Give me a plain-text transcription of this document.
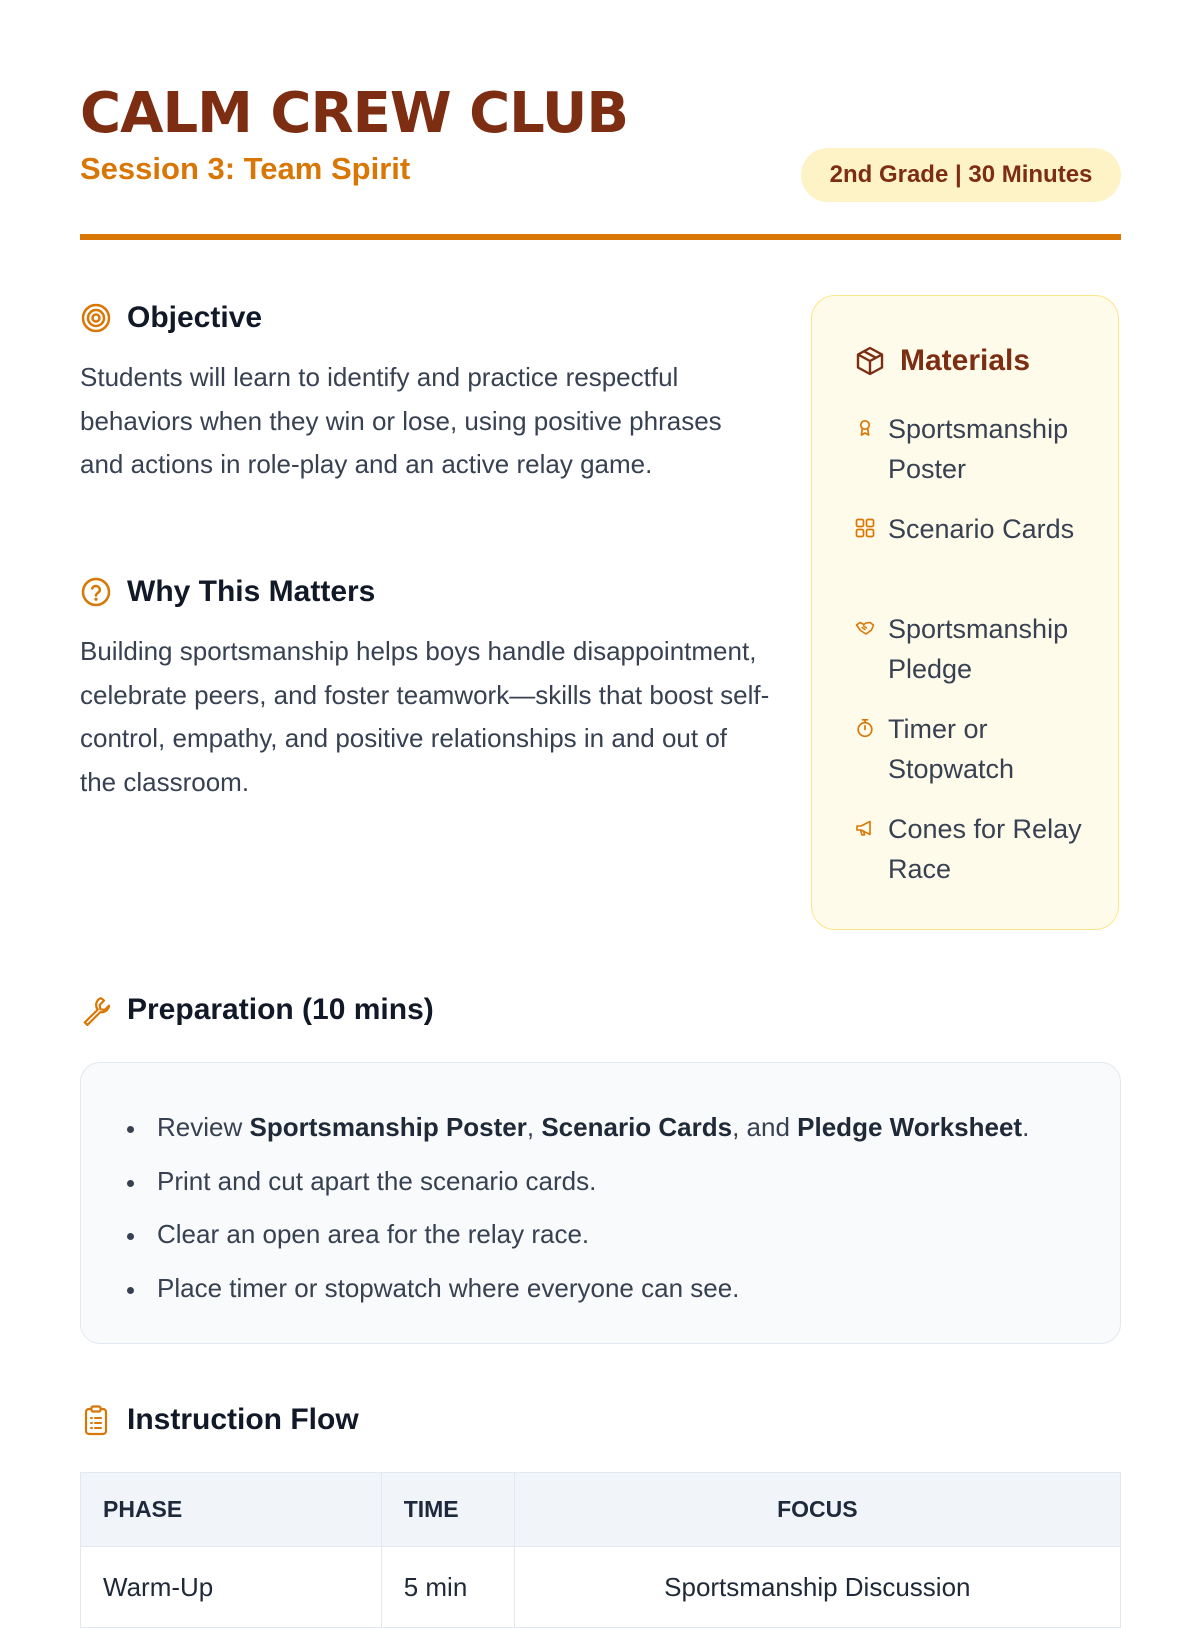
CALM CREW CLUB
Session 3: Team Spirit	2nd Grade | 30 Minutes
Objective

Students will learn to identify and practice respectful behaviors when they win or lose, using positive phrases and actions in role-play and an active relay game.

Why This Matters

Building sportsmanship helps boys handle disappointment, celebrate peers, and foster teamwork—skills that boost self-control, empathy, and positive relationships in and out of the classroom.

Materials
Sportsmanship Poster
Scenario Cards
Sportsmanship Pledge
Timer or Stopwatch
Cones for Relay Race
Preparation (10 mins)
Review Sportsmanship Poster, Scenario Cards, and Pledge Worksheet.
Print and cut apart the scenario cards.
Clear an open area for the relay race.
Place timer or stopwatch where everyone can see.
Instruction Flow
PHASE	TIME	FOCUS
Warm-Up	5 min	Sportsmanship Discussion
